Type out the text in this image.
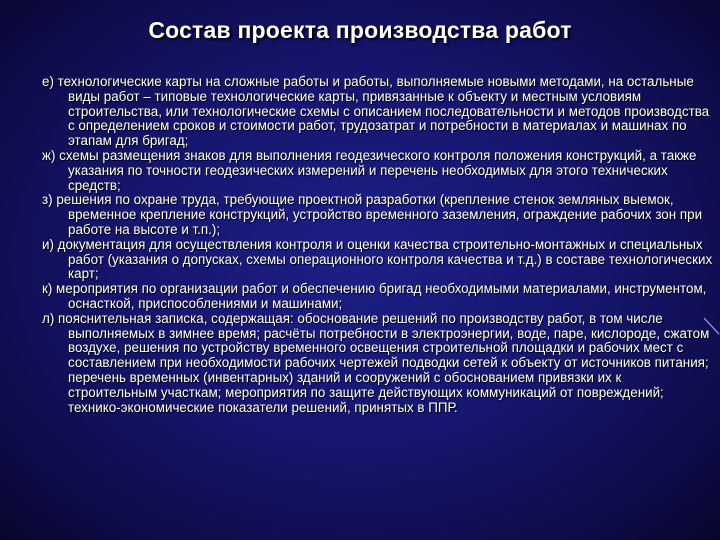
Состав проекта производства работ
е) технологические карты на сложные работы и работы, выполняемые новыми методами, на остальные виды работ – типовые технологические карты, привязанные к объекту и местным условиям строительства, или технологические схемы с описанием последовательности и методов производства с определением сроков и стоимости работ, трудозатрат и потребности в материалах и машинах по этапам для бригад;
ж) схемы размещения знаков для выполнения геодезического контроля положения конструкций, а также указания по точности геодезических измерений и перечень необходимых для этого технических средств;
з) решения по охране труда, требующие проектной разработки (крепление стенок земляных выемок, временное крепление конструкций, устройство временного заземления, ограждение рабочих зон при работе на высоте и т.п.);
и) документация для осуществления контроля и оценки качества строительно-монтажных и специальных работ (указания о допусках, схемы операционного контроля качества и т.д.) в составе технологических карт;
к) мероприятия по организации работ и обеспечению бригад необходимыми материалами, инструментом, оснасткой, приспособлениями и машинами;
л) пояснительная записка, содержащая: обоснование решений по производству работ, в том числе выполняемых в зимнее время; расчёты потребности в электроэнергии, воде, паре, кислороде, сжатом воздухе, решения по устройству временного освещения строительной площадки и рабочих мест с составлением при необходимости рабочих чертежей подводки сетей к объекту от источников питания; перечень временных (инвентарных) зданий и сооружений с обоснованием привязки их к строительным участкам; мероприятия по защите действующих коммуникаций от повреждений; технико-экономические показатели решений, принятых в ППР.
